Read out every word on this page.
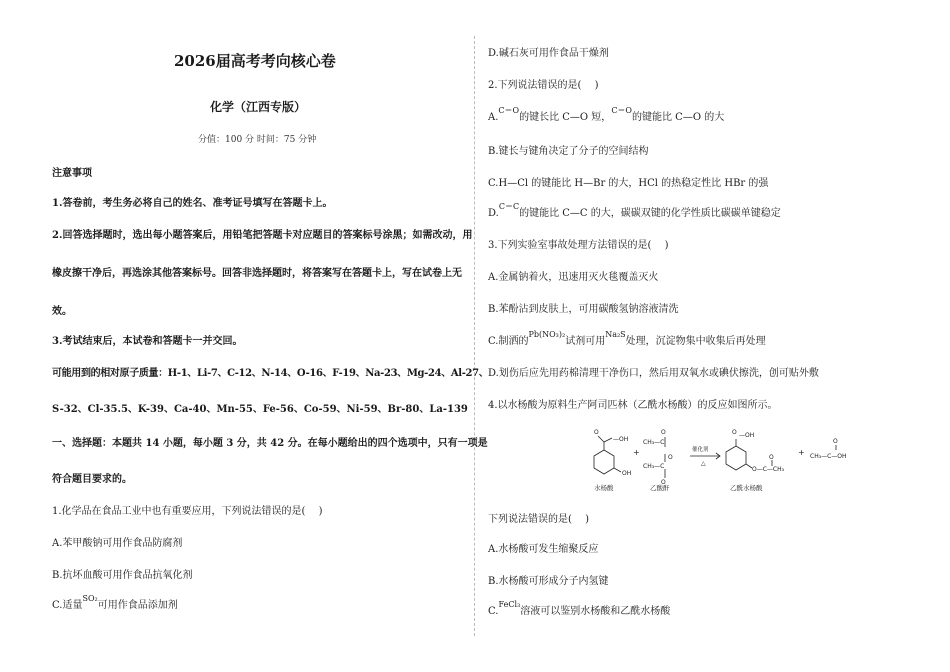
2026届高考考向核心卷
化学（江西专版）
分值：100 分 时间：75 分钟
注意事项
1.答卷前，考生务必将自己的姓名、准考证号填写在答题卡上。
2.回答选择题时，选出每小题答案后，用铅笔把答题卡对应题目的答案标号涂黑；如需改动，用
橡皮擦干净后，再选涂其他答案标号。回答非选择题时，将答案写在答题卡上，写在试卷上无
效。
3.考试结束后，本试卷和答题卡一并交回。
可能用到的相对原子质量：H-1、Li-7、C-12、N-14、O-16、F-19、Na-23、Mg-24、Al-27、
S-32、Cl-35.5、K-39、Ca-40、Mn-55、Fe-56、Co-59、Ni-59、Br-80、La-139
一、选择题：本题共 14 小题，每小题 3 分，共 42 分。在每小题给出的四个选项中，只有一项是
符合题目要求的。
1.化学品在食品工业中也有重要应用，下列说法错误的是(　 )
A.苯甲酸钠可用作食品防腐剂
B.抗坏血酸可用作食品抗氧化剂
C.适量$^{SO_2}$可用作食品添加剂
D.碱石灰可用作食品干燥剂
2.下列说法错误的是(　 )
A.$^{C=O}$的键长比 C—O 短，$^{C=O}$的键能比 C—O 的大
B.键长与键角决定了分子的空间结构
C.H—Cl 的键能比 H—Br 的大，HCl 的热稳定性比 HBr 的强
D.$^{C=C}$的键能比 C—C 的大，碳碳双键的化学性质比碳碳单键稳定
3.下列实验室事故处理方法错误的是(　 )
A.金属钠着火，迅速用灭火毯覆盖灭火
B.苯酚沾到皮肤上，可用碳酸氢钠溶液清洗
C.制洒的$^{Pb(NO_3)_2}$试剂可用$^{Na_2S}$处理，沉淀物集中收集后再处理
D.划伤后应先用药棉清理干净伤口，然后用双氧水或碘伏擦洗，创可贴外敷
4.以水杨酸为原料生产阿司匹林（乙酰水杨酸）的反应如图所示。
—OH
O
OH
+
O
CH₃—C
O
CH₃—C
O
催化剂
△
—OH
O
O—C—CH₃
O
+
O
CH₃—C—OH
水杨酸	乙酸酐	乙酰水杨酸
下列说法错误的是(　 )
A.水杨酸可发生缩聚反应
B.水杨酸可形成分子内氢键
C.$^{FeCl_3}$溶液可以鉴别水杨酸和乙酰水杨酸
